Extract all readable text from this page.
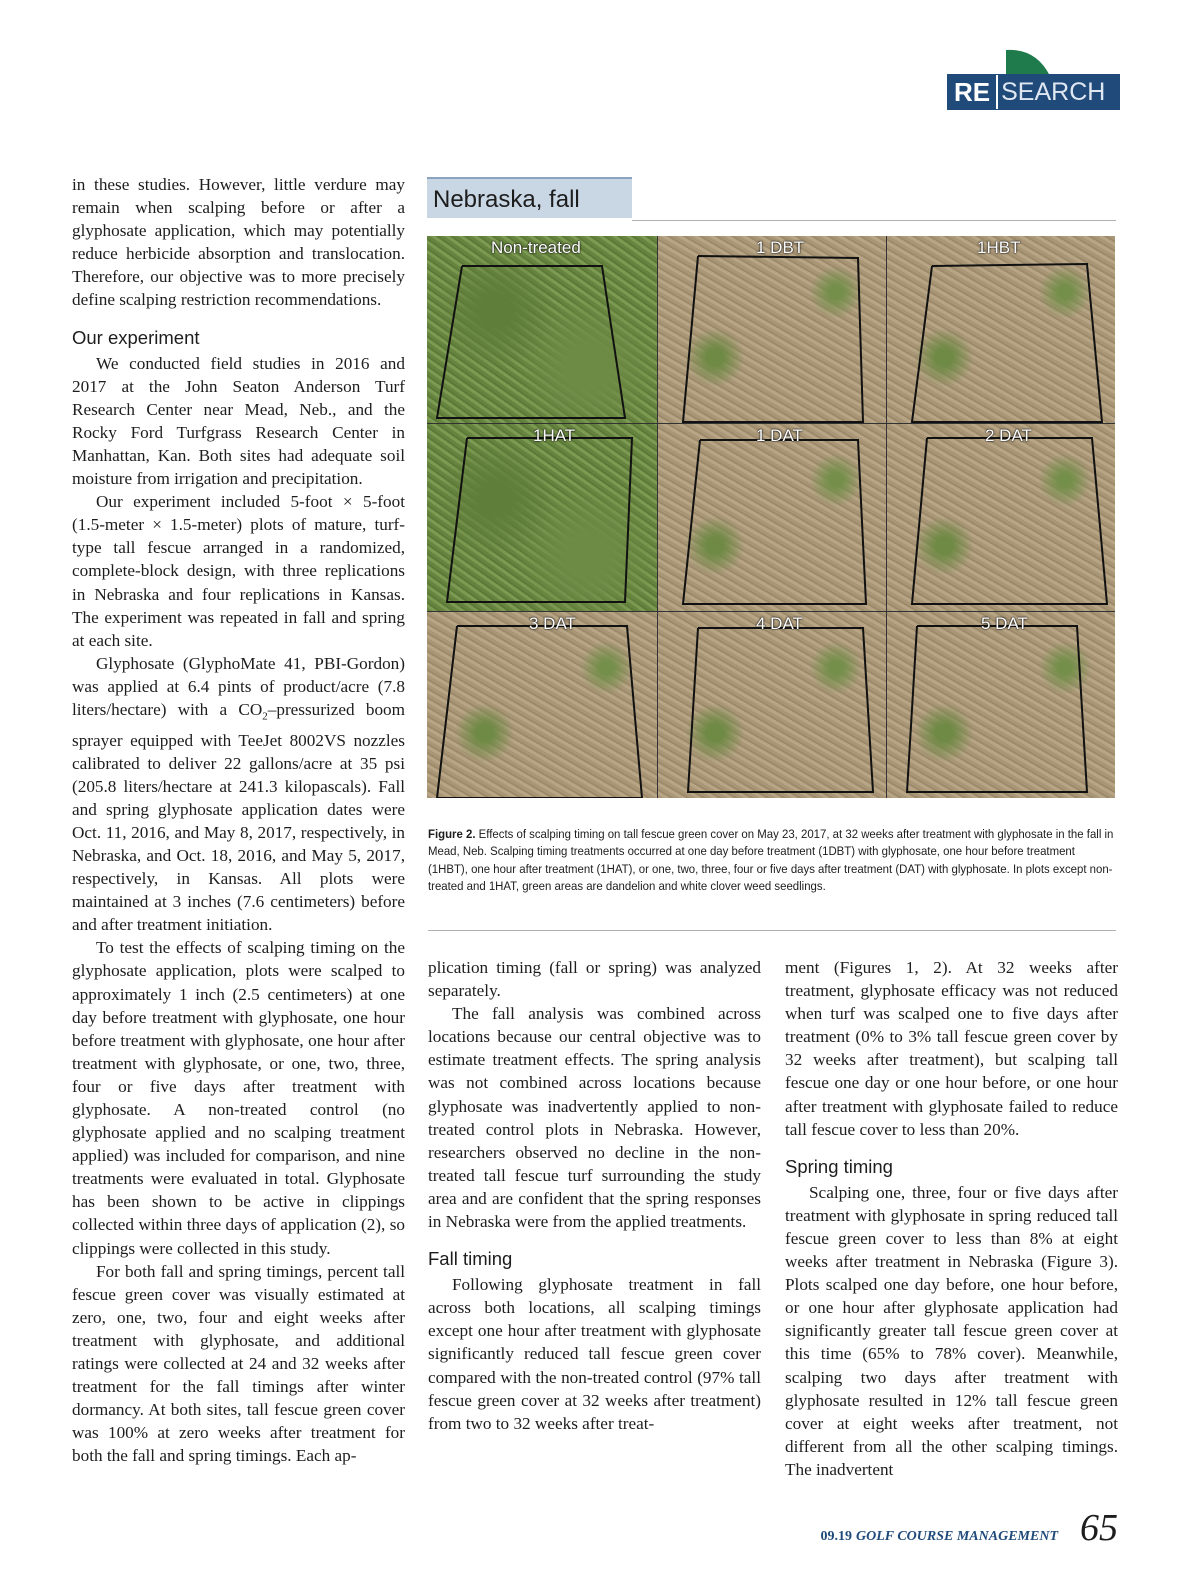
RE SEARCH

in these studies. However, little verdure may remain when scalping before or after a glyphosate application, which may potentially reduce herbicide absorption and translocation. Therefore, our objective was to more precisely define scalping restriction recommendations.

Our experiment

We conducted field studies in 2016 and 2017 at the John Seaton Anderson Turf Research Center near Mead, Neb., and the Rocky Ford Turfgrass Research Center in Manhattan, Kan. Both sites had adequate soil moisture from irrigation and precipitation.

Our experiment included 5-foot × 5-foot (1.5-meter × 1.5-meter) plots of mature, turf-type tall fescue arranged in a randomized, complete-block design, with three replications in Nebraska and four replications in Kansas. The experiment was repeated in fall and spring at each site.

Glyphosate (GlyphoMate 41, PBI-Gordon) was applied at 6.4 pints of product/acre (7.8 liters/hectare) with a $CO_2$–pressurized boom sprayer equipped with TeeJet 8002VS nozzles calibrated to deliver 22 gallons/acre at 35 psi (205.8 liters/hectare at 241.3 kilopascals). Fall and spring glyphosate application dates were Oct. 11, 2016, and May 8, 2017, respectively, in Nebraska, and Oct. 18, 2016, and May 5, 2017, respectively, in Kansas. All plots were maintained at 3 inches (7.6 centimeters) before and after treatment initiation.

To test the effects of scalping timing on the glyphosate application, plots were scalped to approximately 1 inch (2.5 centimeters) at one day before treatment with glyphosate, one hour before treatment with glyphosate, one hour after treatment with glyphosate, or one, two, three, four or five days after treatment with glyphosate. A non-treated control (no glyphosate applied and no scalping treatment applied) was included for comparison, and nine treatments were evaluated in total. Glyphosate has been shown to be active in clippings collected within three days of application (2), so clippings were collected in this study.

For both fall and spring timings, percent tall fescue green cover was visually estimated at zero, one, two, four and eight weeks after treatment with glyphosate, and additional ratings were collected at 24 and 32 weeks after treatment for the fall timings after winter dormancy. At both sites, tall fescue green cover was 100% at zero weeks after treatment for both the fall and spring timings. Each ap-

Nebraska, fall
Non-treated	1 DBT	1HBT
1HAT	1 DAT	2 DAT
3 DAT	4 DAT	5 DAT
Figure 2. Effects of scalping timing on tall fescue green cover on May 23, 2017, at 32 weeks after treatment with glyphosate in the fall in Mead, Neb. Scalping timing treatments occurred at one day before treatment (1DBT) with glyphosate, one hour before treatment (1HBT), one hour after treatment (1HAT), or one, two, three, four or five days after treatment (DAT) with glyphosate. In plots except non-treated and 1HAT, green areas are dandelion and white clover weed seedlings.

plication timing (fall or spring) was analyzed separately.

The fall analysis was combined across locations because our central objective was to estimate treatment effects. The spring analysis was not combined across locations because glyphosate was inadvertently applied to non-treated control plots in Nebraska. However, researchers observed no decline in the non-treated tall fescue turf surrounding the study area and are confident that the spring responses in Nebraska were from the applied treatments.

Fall timing

Following glyphosate treatment in fall across both locations, all scalping timings except one hour after treatment with glyphosate significantly reduced tall fescue green cover compared with the non-treated control (97% tall fescue green cover at 32 weeks after treatment) from two to 32 weeks after treat-

ment (Figures 1, 2). At 32 weeks after treatment, glyphosate efficacy was not reduced when turf was scalped one to five days after treatment (0% to 3% tall fescue green cover by 32 weeks after treatment), but scalping tall fescue one day or one hour before, or one hour after treatment with glyphosate failed to reduce tall fescue cover to less than 20%.

Spring timing

Scalping one, three, four or five days after treatment with glyphosate in spring reduced tall fescue green cover to less than 8% at eight weeks after treatment in Nebraska (Figure 3). Plots scalped one day before, one hour before, or one hour after glyphosate application had significantly greater tall fescue green cover at this time (65% to 78% cover). Meanwhile, scalping two days after treatment with glyphosate resulted in 12% tall fescue green cover at eight weeks after treatment, not different from all the other scalping timings. The inadvertent

09.19 GOLF COURSE MANAGEMENT 65
